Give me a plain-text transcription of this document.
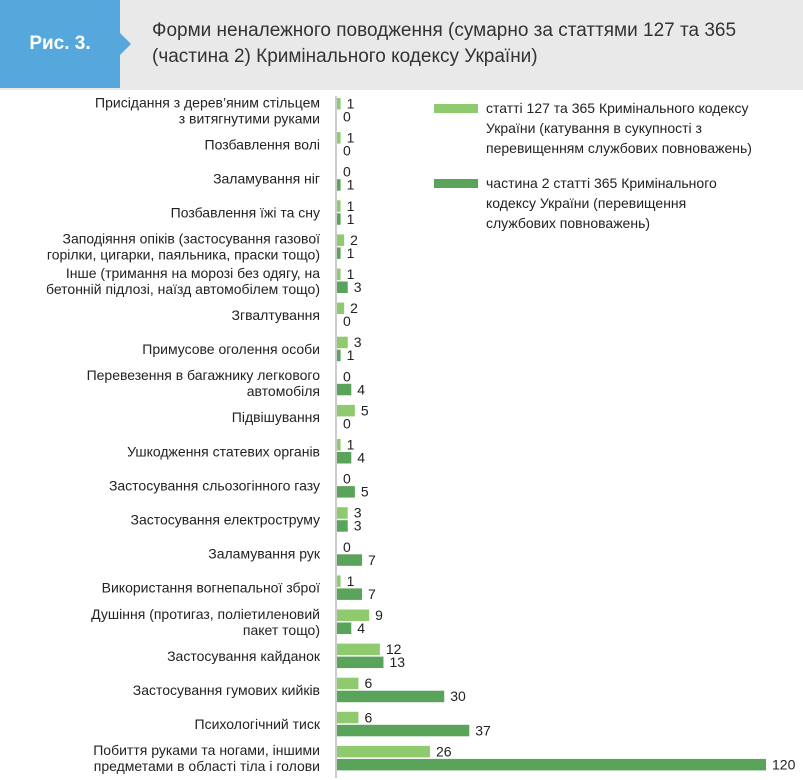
Рис. 3.
Форми неналежного поводження (сумарно за статтями 127 та 365 (частина 2) Кримінального кодексу України)
Присідання з дерев’яним стільцем
з витягнутими руками
1
0
Позбавлення волі 1
0
Заламування ніг 0
1
Позбавлення їжі та сну 1
1
Заподіяння опіків (застосування газової
горілки, цигарки, паяльника, праски тощо)
2
1
Інше (тримання на морозі без одягу, на
бетонній підлозі, наїзд автомобілем тощо)
1
3
Згвалтування 2
0
Примусове оголення особи 3
1
Перевезення в багажнику легкового
автомобіля
0
4
Підвішування	5
0
Ушкодження статевих органів 1
4
Застосування сльозогінного газу 0
5
Застосування електроструму 3
3
Заламування рук 0
7
Використання вогнепальної зброї 1
7
Душіння (протигаз, поліетиленовий
пакет тощо)
9
4
Застосування кайданок	12
13
Застосування гумових кийків	6
30
Психологічний тиск	6
37
Побиття руками та ногами, іншими
предметами в області тіла і голови
26
120
статті 127 та 365 Кримінального кодексу
України (катування в сукупності з
перевищенням службових повноважень)
частина 2 статті 365 Кримінального
кодексу України (перевищення
службових повноважень)
